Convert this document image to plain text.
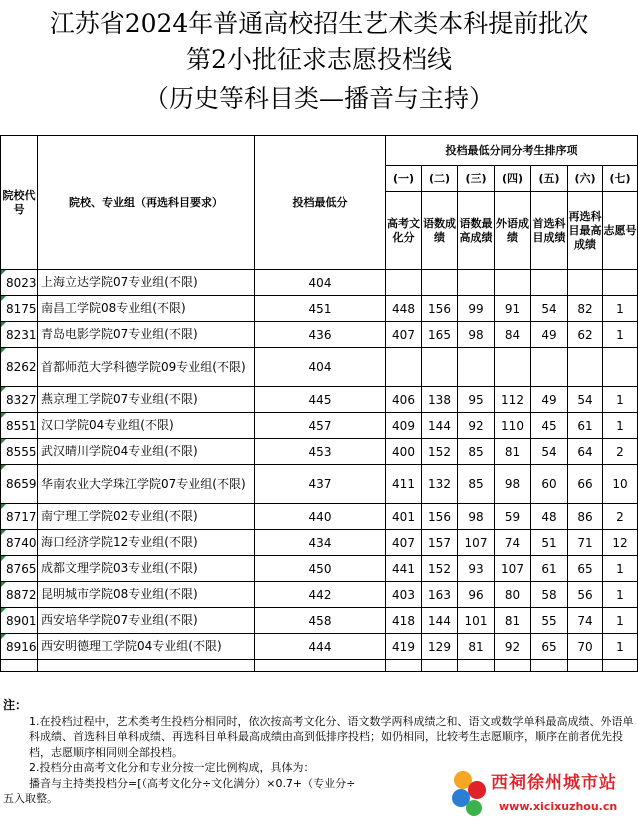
江苏省2024年普通高校招生艺术类本科提前批次
第2小批征求志愿投档线
（历史等科目类—播音与主持）
院校代号	院校、专业组（再选科目要求）	投档最低分	投档最低分同分考生排序项						
			(一)	(二)	(三)	(四)	(五)	(六)	(七)
			高考文化分	语数成绩	语数最高成绩	外语成绩	首选科目成绩	再选科目最高成绩	志愿号
8023	上海立达学院07专业组(不限)	404							
8175	南昌工学院08专业组(不限)	451	448	156	99	91	54	82	1
8231	青岛电影学院07专业组(不限)	436	407	165	98	84	49	62	1
8262	首都师范大学科德学院09专业组(不限)	404							
8327	燕京理工学院07专业组(不限)	445	406	138	95	112	49	54	1
8551	汉口学院04专业组(不限)	457	409	144	92	110	45	61	1
8555	武汉晴川学院04专业组(不限)	453	400	152	85	81	54	64	2
8659	华南农业大学珠江学院07专业组(不限)	437	411	132	85	98	60	66	10
8717	南宁理工学院02专业组(不限)	440	401	156	98	59	48	86	2
8740	海口经济学院12专业组(不限)	434	407	157	107	74	51	71	12
8765	成都文理学院03专业组(不限)	450	441	152	93	107	61	65	1
8872	昆明城市学院08专业组(不限)	442	403	163	96	80	58	56	1
8901	西安培华学院07专业组(不限)	458	418	144	101	81	55	74	1
8916	西安明德理工学院04专业组(不限)	444	419	129	81	92	65	70	1

注：
1.在投档过程中，艺术类考生投档分相同时，依次按高考文化分、语文数学两科成绩之和、语文或数学单科最高成绩、外语单科成绩、首选科目单科成绩、再选科目单科最高成绩由高到低排序投档；如仍相同，比较考生志愿顺序，顺序在前者优先投档，志愿顺序相同则全部投档。
2.投档分由高考文化分和专业分按一定比例构成，具体为：
播音与主持类投档分=[（高考文化分÷文化满分）×0.7+（专业分÷
五入取整。
西祠徐州城市站
www.xicixuzhou.cn
